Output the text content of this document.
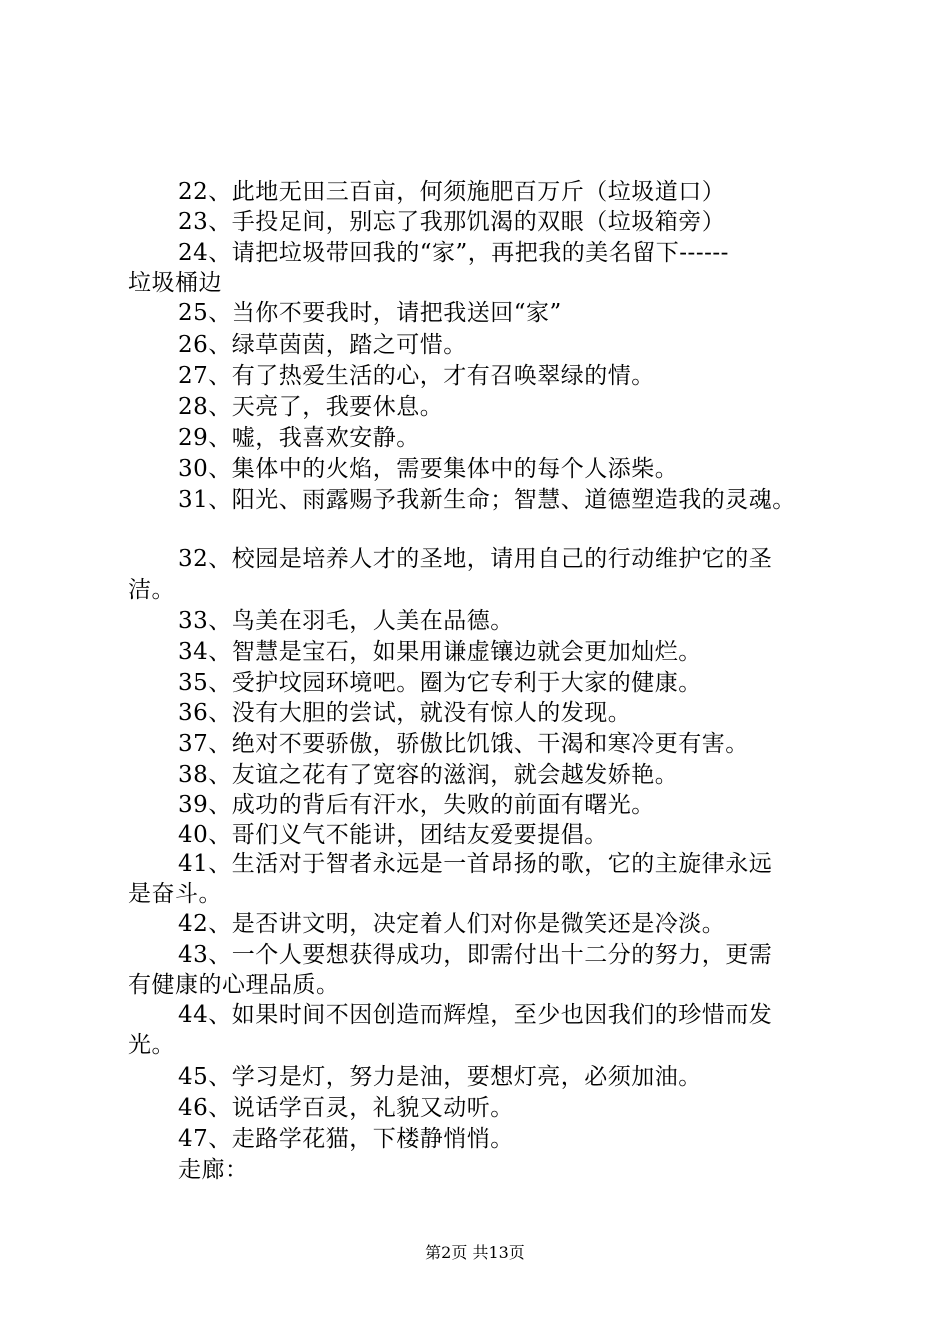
22、此地无田三百亩，何须施肥百万斤（垃圾道口）
23、手投足间，别忘了我那饥渴的双眼（垃圾箱旁）
24、请把垃圾带回我的“家”，再把我的美名留下------
垃圾桶边
25、当你不要我时，请把我送回“家”
26、绿草茵茵，踏之可惜。
27、有了热爱生活的心，才有召唤翠绿的情。
28、天亮了，我要休息。
29、嘘，我喜欢安静。
30、集体中的火焰，需要集体中的每个人添柴。
31、阳光、雨露赐予我新生命；智慧、道德塑造我的灵魂。
32、校园是培养人才的圣地，请用自己的行动维护它的圣
洁。
33、鸟美在羽毛，人美在品德。
34、智慧是宝石，如果用谦虚镶边就会更加灿烂。
35、受护坟园环境吧。圈为它专利于大家的健康。
36、没有大胆的尝试，就没有惊人的发现。
37、绝对不要骄傲，骄傲比饥饿、干渴和寒冷更有害。
38、友谊之花有了宽容的滋润，就会越发娇艳。
39、成功的背后有汗水，失败的前面有曙光。
40、哥们义气不能讲，团结友爱要提倡。
41、生活对于智者永远是一首昂扬的歌，它的主旋律永远
是奋斗。
42、是否讲文明，决定着人们对你是微笑还是冷淡。
43、一个人要想获得成功，即需付出十二分的努力，更需
有健康的心理品质。
44、如果时间不因创造而辉煌，至少也因我们的珍惜而发
光。
45、学习是灯，努力是油，要想灯亮，必须加油。
46、说话学百灵，礼貌又动听。
47、走路学花猫，下楼静悄悄。
走廊：
第2页 共13页
